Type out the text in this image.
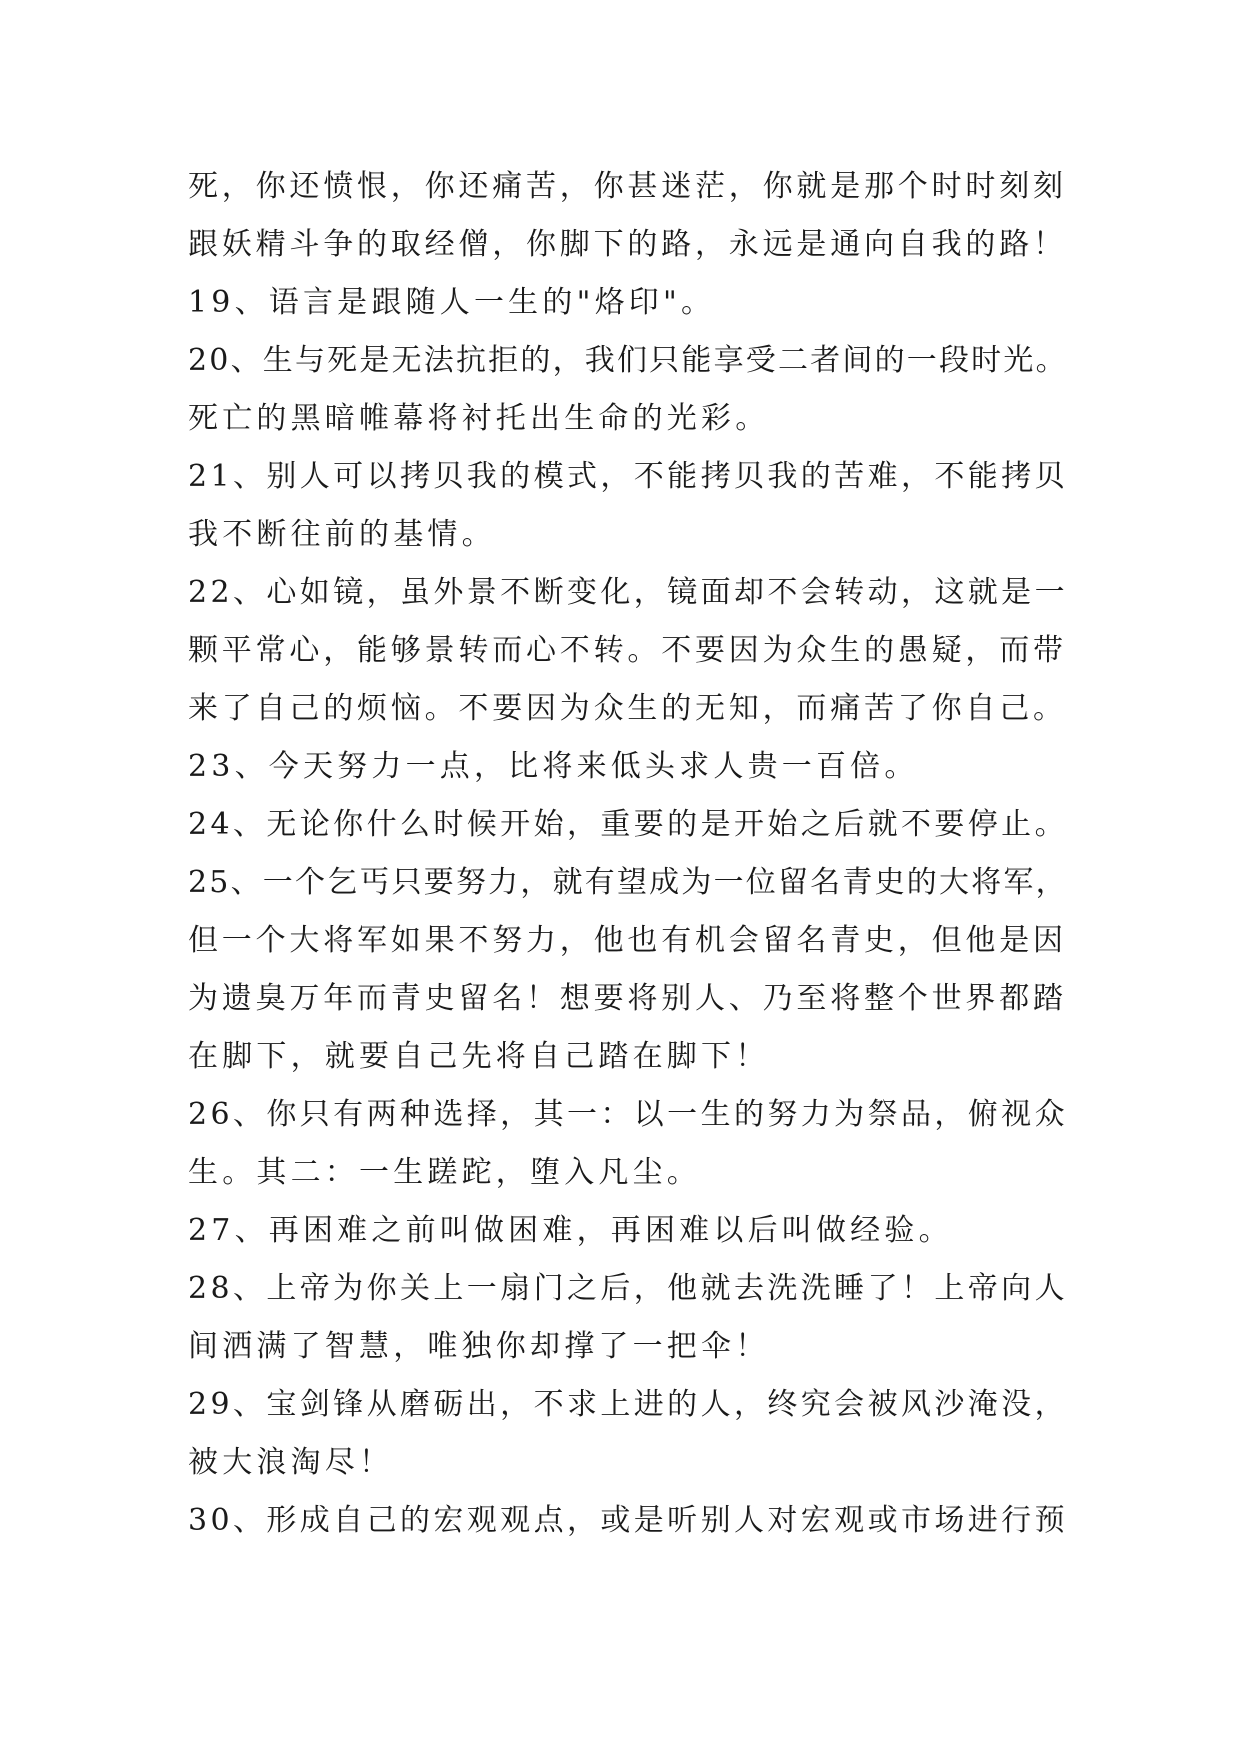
死，你还愤恨，你还痛苦，你甚迷茫，你就是那个时时刻刻
跟妖精斗争的取经僧，你脚下的路，永远是通向自我的路！
19、语言是跟随人一生的"烙印"。
20、生与死是无法抗拒的，我们只能享受二者间的一段时光。
死亡的黑暗帷幕将衬托出生命的光彩。
21、别人可以拷贝我的模式，不能拷贝我的苦难，不能拷贝
我不断往前的基情。
22、心如镜，虽外景不断变化，镜面却不会转动，这就是一
颗平常心，能够景转而心不转。不要因为众生的愚疑，而带
来了自己的烦恼。不要因为众生的无知，而痛苦了你自己。
23、今天努力一点，比将来低头求人贵一百倍。
24、无论你什么时候开始，重要的是开始之后就不要停止。
25、一个乞丐只要努力，就有望成为一位留名青史的大将军，
但一个大将军如果不努力，他也有机会留名青史，但他是因
为遗臭万年而青史留名！想要将别人、乃至将整个世界都踏
在脚下，就要自己先将自己踏在脚下！
26、你只有两种选择，其一：以一生的努力为祭品，俯视众
生。其二：一生蹉跎，堕入凡尘。
27、再困难之前叫做困难，再困难以后叫做经验。
28、上帝为你关上一扇门之后，他就去洗洗睡了！上帝向人
间洒满了智慧，唯独你却撑了一把伞！
29、宝剑锋从磨砺出，不求上进的人，终究会被风沙淹没，
被大浪淘尽！
30、形成自己的宏观观点，或是听别人对宏观或市场进行预
